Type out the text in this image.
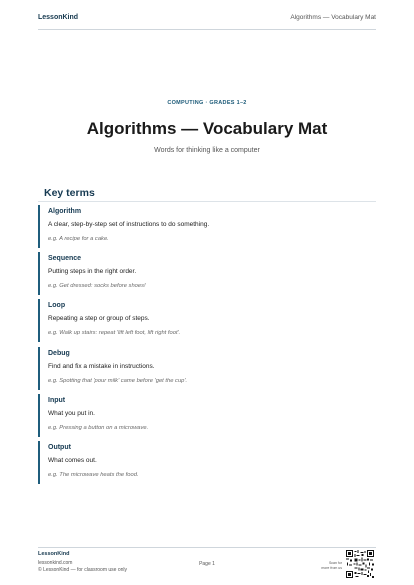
LessonKind	Algorithms — Vocabulary Mat
COMPUTING · GRADES 1–2
Algorithms — Vocabulary Mat
Words for thinking like a computer
Key terms
Algorithm
A clear, step-by-step set of instructions to do something.
e.g. A recipe for a cake.
Sequence
Putting steps in the right order.
e.g. Get dressed: socks before shoes!
Loop
Repeating a step or group of steps.
e.g. Walk up stairs: repeat 'lift left foot, lift right foot'.
Debug
Find and fix a mistake in instructions.
e.g. Spotting that 'pour milk' came before 'get the cup'.
Input
What you put in.
e.g. Pressing a button on a microwave.
Output
What comes out.
e.g. The microwave heats the food.
LessonKind
lessonkind.com
© LessonKind — for classroom use only
Page 1	Scan for
more from us
